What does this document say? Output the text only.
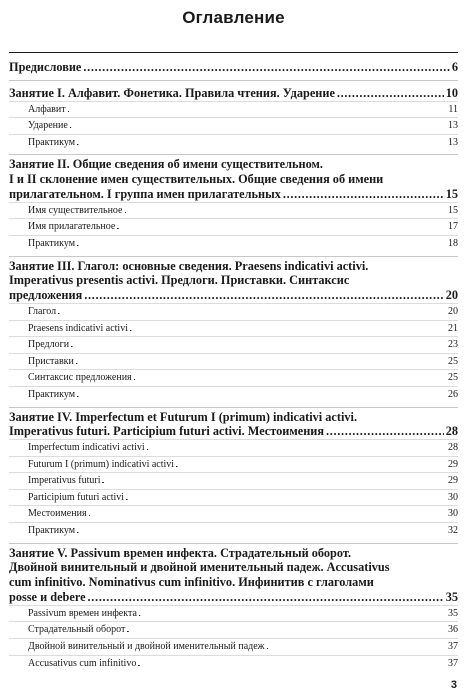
Оглавление
Предисловие . . .	6
Занятие I. Алфавит. Фонетика. Правила чтения. Ударение . . .	10
Алфавит . . .	11
Ударение . . .	13
Практикум . . .	13
Занятие II. Общие сведения об имени существительном.
I и II склонение имен существительных. Общие сведения об имени
прилагательном. I группа имен прилагательных . . .	15
Имя существительное . . .	15
Имя прилагательное . . .	17
Практикум . . .	18
Занятие III. Глагол: основные сведения. Praesens indicativi activi.
Imperativus presentis activi. Предлоги. Приставки. Синтаксис
предложения . . .	20
Глагол . . .	20
Praesens indicativi activi . . .	21
Предлоги . . .	23
Приставки . . .	25
Синтаксис предложения . . .	25
Практикум . . .	26
Занятие IV. Imperfectum et Futurum I (primum) indicativi activi.
Imperativus futuri. Participium futuri activi. Местоимения . . .	28
Imperfectum indicativi activi . . .	28
Futurum I (primum) indicativi activi . . .	29
Imperativus futuri . . .	29
Participium futuri activi . . .	30
Местоимения . . .	30
Практикум . . .	32
Занятие V. Passivum времен инфекта. Страдательный оборот.
Двойной винительный и двойной именительный падеж. Accusativus
cum infinitivo. Nominativus cum infinitivo. Инфинитив с глаголами
posse и debere . . .	35
Passivum времен инфекта . . .	35
Страдательный оборот . . .	36
Двойной винительный и двойной именительный падеж . . .	37
Accusativus cum infinitivo . . .	37
3
